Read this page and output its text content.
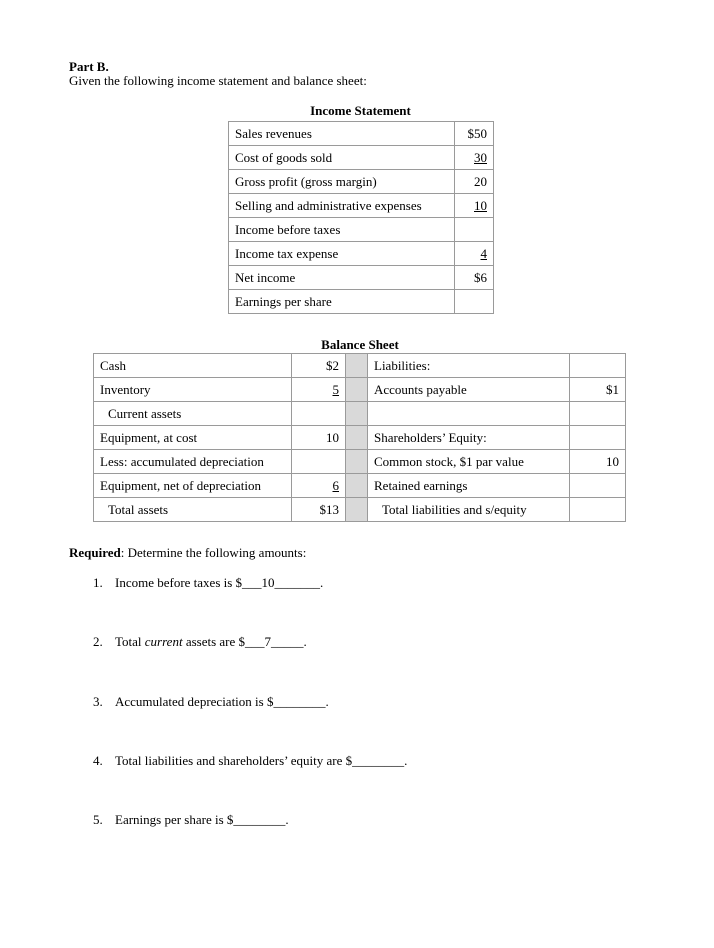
Part B.
Given the following income statement and balance sheet:
Income Statement
Sales revenues	$50
Cost of goods sold	30
Gross profit (gross margin)	20
Selling and administrative expenses	10
Income before taxes	
Income tax expense	4
Net income	$6
Earnings per share	
Balance Sheet
Cash	$2		Liabilities:	
Inventory	5		Accounts payable	$1
Current assets				
Equipment, at cost	10		Shareholders’ Equity:	
Less: accumulated depreciation			Common stock, $1 par value	10
Equipment, net of depreciation	6		Retained earnings	
Total assets	$13		Total liabilities and s/equity	
Required: Determine the following amounts:
1. Income before taxes is $___10_______.
2. Total current assets are $___7_____.
3. Accumulated depreciation is $________.
4. Total liabilities and shareholders’ equity are $________.
5. Earnings per share is $________.
